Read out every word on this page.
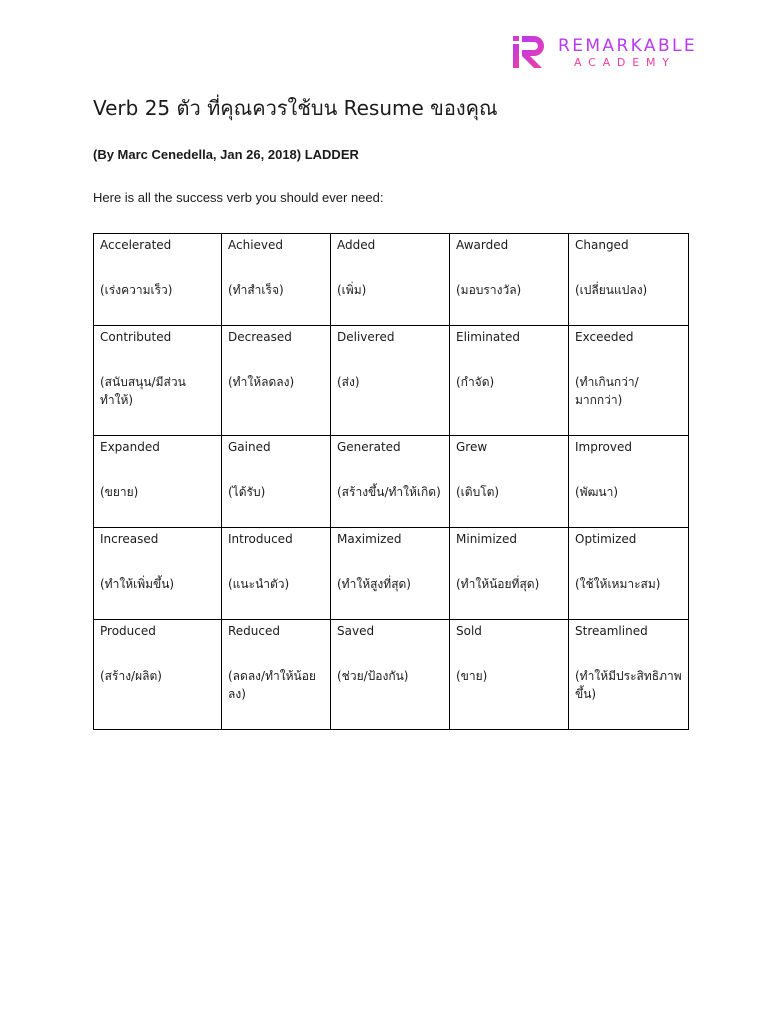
REMARKABLE
ACADEMY
Verb 25 ตัว ที่คุณควรใช้บน Resume ของคุณ

(By Marc Cenedella, Jan 26, 2018) LADDER

Here is all the success verb you should ever need:

Accelerated
(เร่งความเร็ว)	Achieved
(ทำสำเร็จ)	Added
(เพิ่ม)	Awarded
(มอบรางวัล)	Changed
(เปลี่ยนแปลง)

Contributed
(สนับสนุน/มีส่วนทำให้)	Decreased
(ทำให้ลดลง)	Delivered
(ส่ง)	Eliminated
(กำจัด)	Exceeded
(ทำเกินกว่า/มากกว่า)

Expanded
(ขยาย)	Gained
(ได้รับ)	Generated
(สร้างขึ้น/ทำให้เกิด)	Grew
(เติบโต)	Improved
(พัฒนา)

Increased
(ทำให้เพิ่มขึ้น)	Introduced
(แนะนำตัว)	Maximized
(ทำให้สูงที่สุด)	Minimized
(ทำให้น้อยที่สุด)	Optimized
(ใช้ให้เหมาะสม)

Produced
(สร้าง/ผลิต)	Reduced
(ลดลง/ทำให้น้อยลง)	Saved
(ช่วย/ป้องกัน)	Sold
(ขาย)	Streamlined
(ทำให้มีประสิทธิภาพขึ้น)
